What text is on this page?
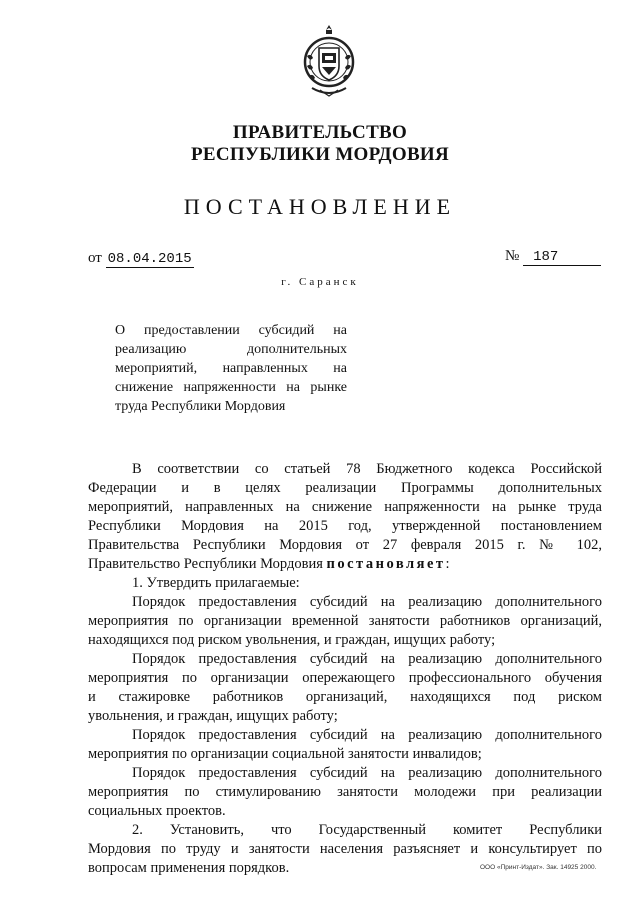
ПРАВИТЕЛЬСТВО
РЕСПУБЛИКИ МОРДОВИЯ
ПОСТАНОВЛЕНИЕ
от 08.04.2015	№ 187
г. Саранск
О предоставлении субсидий на
реализацию дополнительных
мероприятий, направленных на
снижение напряженности на рынке
труда Республики Мордовия
В соответствии со статьей 78 Бюджетного кодекса Российской
Федерации и в целях реализации Программы дополнительных
мероприятий, направленных на снижение напряженности на рынке труда
Республики Мордовия на 2015 год, утвержденной постановлением
Правительства Республики Мордовия от 27 февраля 2015 г. № 102,
Правительство Республики Мордовия постановляет:
1. Утвердить прилагаемые:
Порядок предоставления субсидий на реализацию дополнительного
мероприятия по организации временной занятости работников организаций,
находящихся под риском увольнения, и граждан, ищущих работу;
Порядок предоставления субсидий на реализацию дополнительного
мероприятия по организации опережающего профессионального обучения
и стажировке работников организаций, находящихся под риском
увольнения, и граждан, ищущих работу;
Порядок предоставления субсидий на реализацию дополнительного
мероприятия по организации социальной занятости инвалидов;
Порядок предоставления субсидий на реализацию дополнительного
мероприятия по стимулированию занятости молодежи при реализации
социальных проектов.
2. Установить, что Государственный комитет Республики
Мордовия по труду и занятости населения разъясняет и консультирует по
вопросам применения порядков.	ООО «Принт-Издат». Зак. 14925 2000.
